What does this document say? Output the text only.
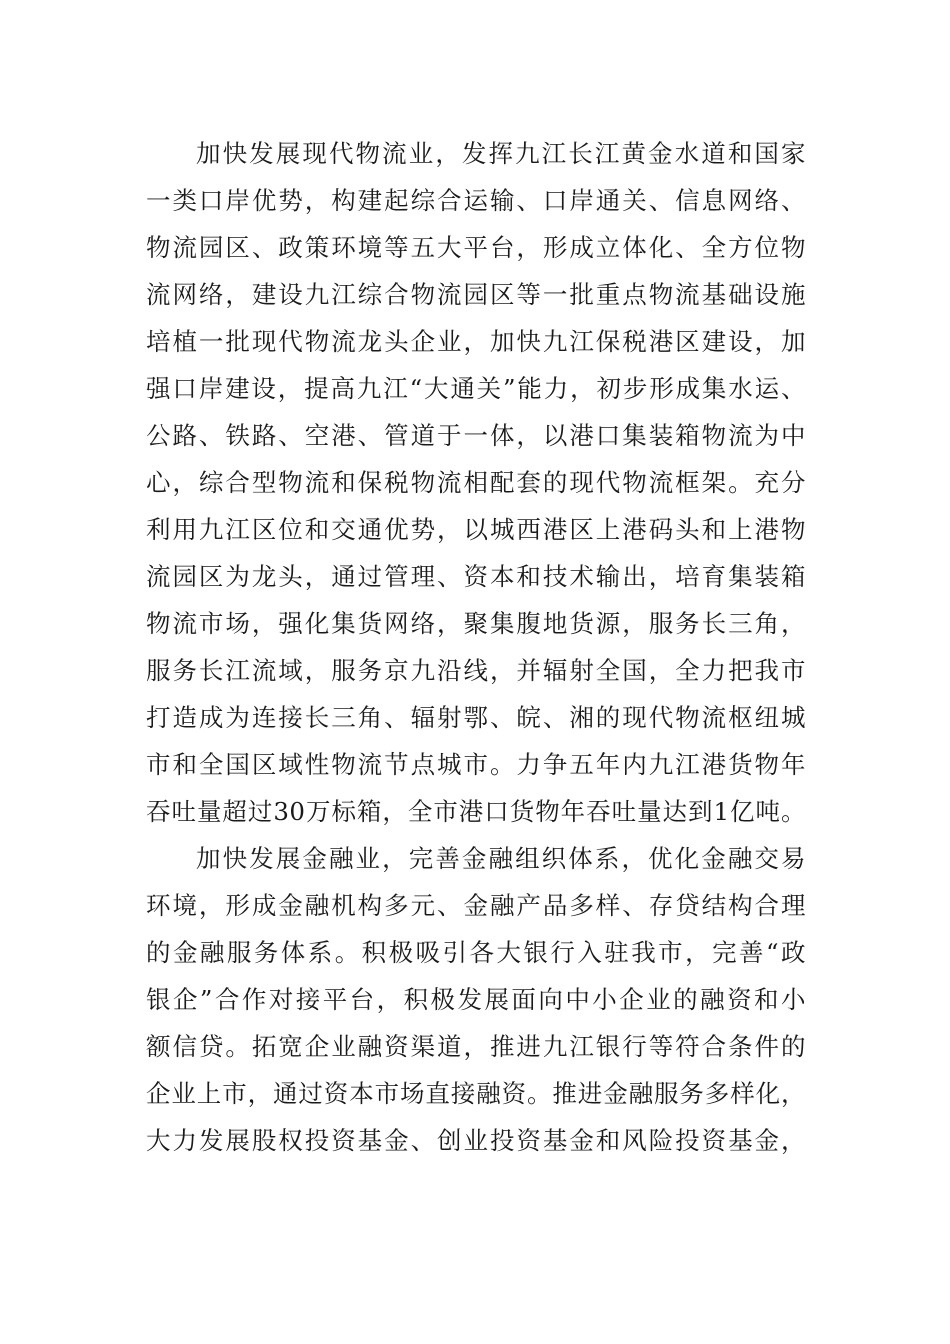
加快发展现代物流业，发挥九江长江黄金水道和国家
一类口岸优势，构建起综合运输、口岸通关、信息网络、
物流园区、政策环境等五大平台，形成立体化、全方位物
流网络，建设九江综合物流园区等一批重点物流基础设施
培植一批现代物流龙头企业，加快九江保税港区建设，加
强口岸建设，提高九江“大通关”能力，初步形成集水运、
公路、铁路、空港、管道于一体，以港口集装箱物流为中
心，综合型物流和保税物流相配套的现代物流框架。充分
利用九江区位和交通优势，以城西港区上港码头和上港物
流园区为龙头，通过管理、资本和技术输出，培育集装箱
物流市场，强化集货网络，聚集腹地货源，服务长三角，
服务长江流域，服务京九沿线，并辐射全国，全力把我市
打造成为连接长三角、辐射鄂、皖、湘的现代物流枢纽城
市和全国区域性物流节点城市。力争五年内九江港货物年
吞吐量超过30万标箱，全市港口货物年吞吐量达到1亿吨。
加快发展金融业，完善金融组织体系，优化金融交易
环境，形成金融机构多元、金融产品多样、存贷结构合理
的金融服务体系。积极吸引各大银行入驻我市，完善“政
银企”合作对接平台，积极发展面向中小企业的融资和小
额信贷。拓宽企业融资渠道，推进九江银行等符合条件的
企业上市，通过资本市场直接融资。推进金融服务多样化，
大力发展股权投资基金、创业投资基金和风险投资基金，
